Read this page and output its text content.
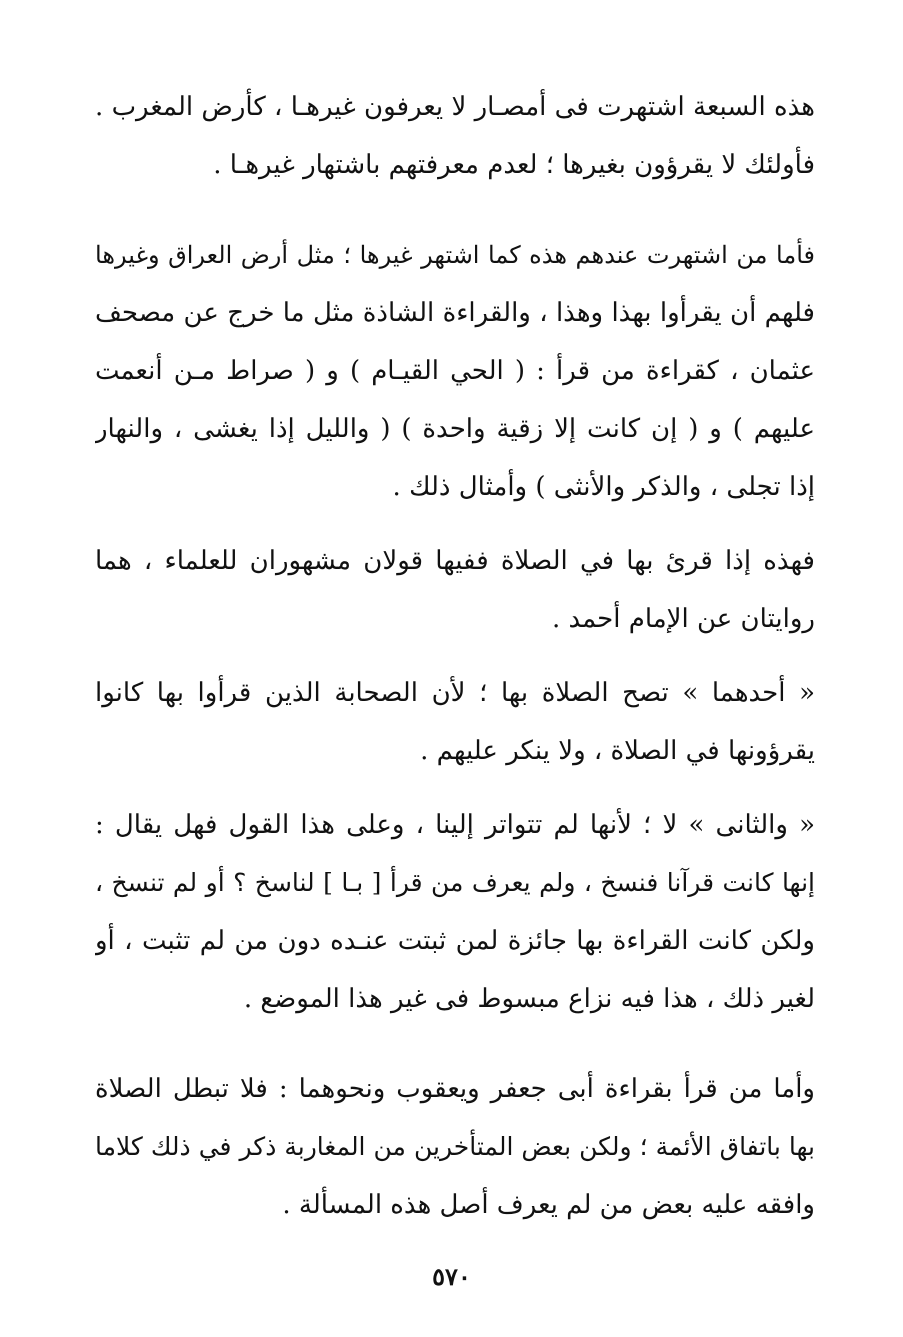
هذه السبعة اشتهرت فى أمصـار لا يعرفون غيرهـا ، كأرض المغرب .
فأولئك لا يقرؤون بغيرها ؛ لعدم معرفتهم باشتهار غيرهـا .
فأما من اشتهرت عندهم هذه كما اشتهر غيرها ؛ مثل أرض العراق وغيرها
فلهم أن يقرأوا بهذا وهذا ، والقراءة الشاذة مثل ما خرج عن مصحف
عثمان ، كقراءة من قرأ : ( الحي القيـام ) و ( صراط مـن أنعمت
عليهم ) و ( إن كانت إلا زقية واحدة ) ( والليل إذا يغشى ، والنهار
إذا تجلى ، والذكر والأنثى ) وأمثال ذلك .
فهذه إذا قرئ بها في الصلاة ففيها قولان مشهوران للعلماء ، هما
روايتان عن الإمام أحمد .
« أحدهما » تصح الصلاة بها ؛ لأن الصحابة الذين قرأوا بها كانوا
يقرؤونها في الصلاة ، ولا ينكر عليهم .
« والثانى » لا ؛ لأنها لم تتواتر إلينا ، وعلى هذا القول فهل يقال :
إنها كانت قرآنا فنسخ ، ولم يعرف من قرأ [ بـا ] لناسخ ؟ أو لم تنسخ ،
ولكن كانت القراءة بها جائزة لمن ثبتت عنـده دون من لم تثبت ، أو
لغير ذلك ، هذا فيه نزاع مبسوط فى غير هذا الموضع .
وأما من قرأ بقراءة أبى جعفر ويعقوب ونحوهما : فلا تبطل الصلاة
بها باتفاق الأئمة ؛ ولكن بعض المتأخرين من المغاربة ذكر في ذلك كلاما
وافقه عليه بعض من لم يعرف أصل هذه المسألة .
٥٧٠
